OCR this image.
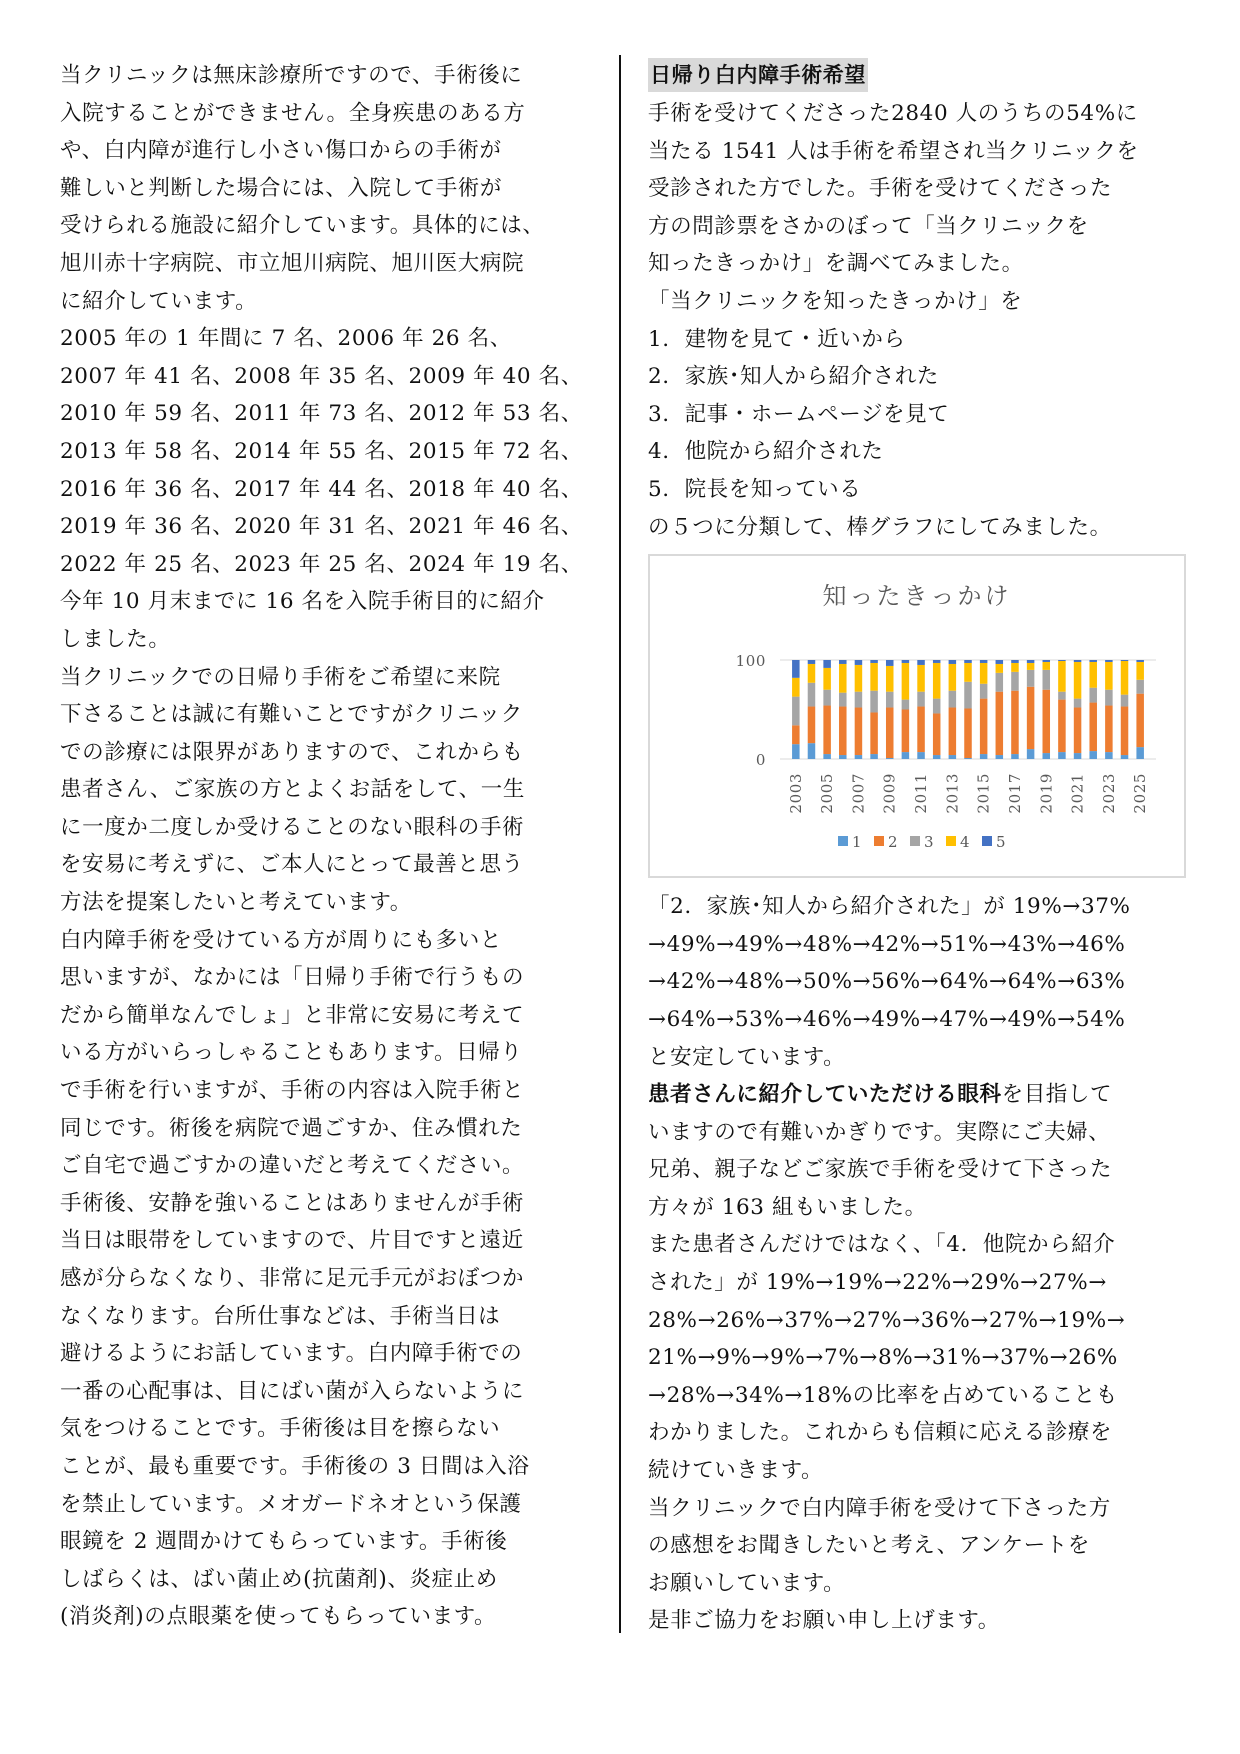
当クリニックは無床診療所ですので、手術後に

入院することができません。全身疾患のある方

や、白内障が進行し小さい傷口からの手術が

難しいと判断した場合には、入院して手術が

受けられる施設に紹介しています。具体的には、

旭川赤十字病院、市立旭川病院、旭川医大病院

に紹介しています。

2005 年の 1 年間に 7 名、2006 年 26 名、

2007 年 41 名、2008 年 35 名、2009 年 40 名、

2010 年 59 名、2011 年 73 名、2012 年 53 名、

2013 年 58 名、2014 年 55 名、2015 年 72 名、

2016 年 36 名、2017 年 44 名、2018 年 40 名、

2019 年 36 名、2020 年 31 名、2021 年 46 名、

2022 年 25 名、2023 年 25 名、2024 年 19 名、

今年 10 月末までに 16 名を入院手術目的に紹介

しました。

当クリニックでの日帰り手術をご希望に来院

下さることは誠に有難いことですがクリニック

での診療には限界がありますので、これからも

患者さん、ご家族の方とよくお話をして、一生

に一度か二度しか受けることのない眼科の手術

を安易に考えずに、ご本人にとって最善と思う

方法を提案したいと考えています。

白内障手術を受けている方が周りにも多いと

思いますが、なかには「日帰り手術で行うもの

だから簡単なんでしょ」と非常に安易に考えて

いる方がいらっしゃることもあります。日帰り

で手術を行いますが、手術の内容は入院手術と

同じです。術後を病院で過ごすか、住み慣れた

ご自宅で過ごすかの違いだと考えてください。

手術後、安静を強いることはありませんが手術

当日は眼帯をしていますので、片目ですと遠近

感が分らなくなり、非常に足元手元がおぼつか

なくなります。台所仕事などは、手術当日は

避けるようにお話しています。白内障手術での

一番の心配事は、目にばい菌が入らないように

気をつけることです。手術後は目を擦らない

ことが、最も重要です。手術後の 3 日間は入浴

を禁止しています。メオガードネオという保護

眼鏡を 2 週間かけてもらっています。手術後

しばらくは、ばい菌止め(抗菌剤)、炎症止め

(消炎剤)の点眼薬を使ってもらっています。

日帰り白内障手術希望

手術を受けてくださった2840 人のうちの54%に

当たる 1541 人は手術を希望され当クリニックを

受診された方でした。手術を受けてくださった

方の問診票をさかのぼって「当クリニックを

知ったきっかけ」を調べてみました。

「当クリニックを知ったきっかけ」を

1.  建物を見て・近いから

2.  家族･知人から紹介された

3.  記事・ホームページを見て

4.  他院から紹介された

5.  院長を知っている

の５つに分類して、棒グラフにしてみました。

知ったきっかけ
0
100
2003 2005 2007 2009 2011 2013 2015 2017 2019 2021 2023 2025
1 2 3 4 5

「2.  家族･知人から紹介された」が 19%→37%

→49%→49%→48%→42%→51%→43%→46%

→42%→48%→50%→56%→64%→64%→63%

→64%→53%→46%→49%→47%→49%→54%

と安定しています。

患者さんに紹介していただける眼科を目指して

いますので有難いかぎりです。実際にご夫婦、

兄弟、親子などご家族で手術を受けて下さった

方々が 163 組もいました。

また患者さんだけではなく、「4.  他院から紹介

された」が 19%→19%→22%→29%→27%→

28%→26%→37%→27%→36%→27%→19%→

21%→9%→9%→7%→8%→31%→37%→26%

→28%→34%→18%の比率を占めていることも

わかりました。これからも信頼に応える診療を

続けていきます。

当クリニックで白内障手術を受けて下さった方

の感想をお聞きしたいと考え、アンケートを

お願いしています。

是非ご協力をお願い申し上げます。
